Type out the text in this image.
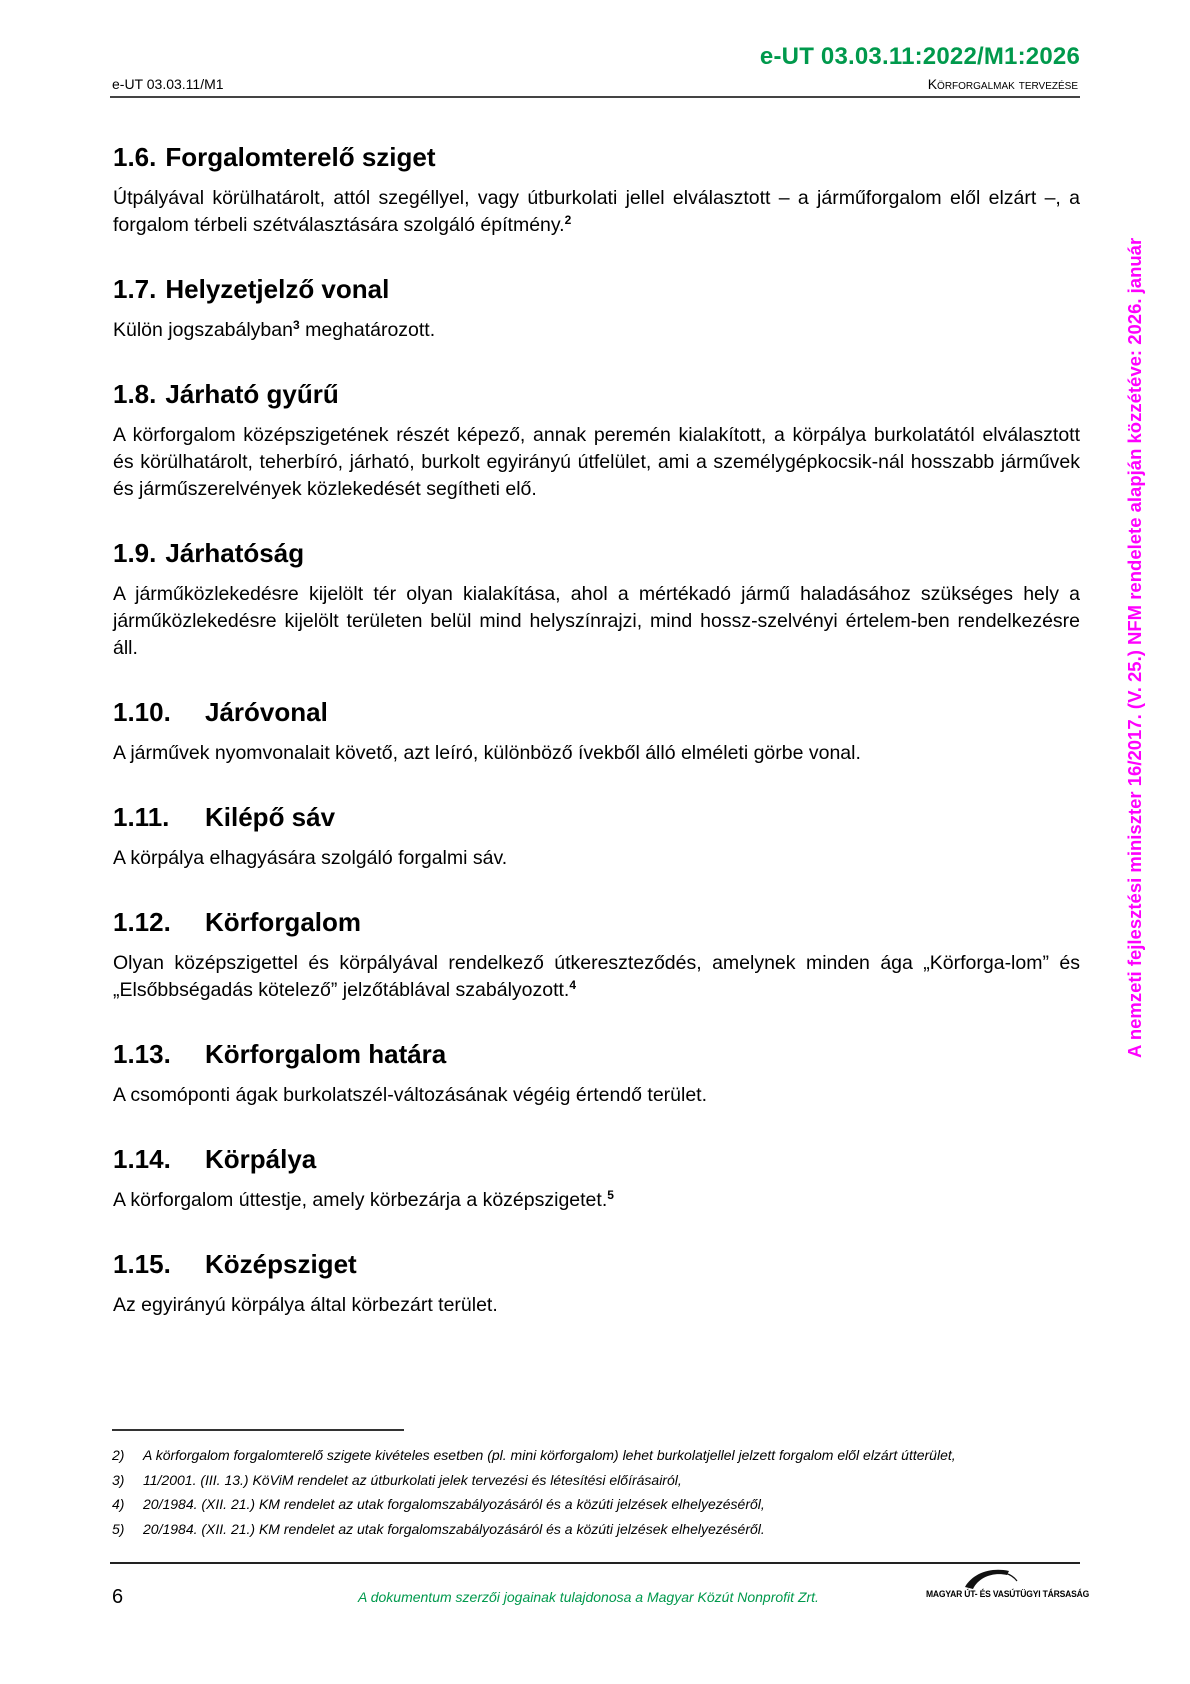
e-UT 03.03.11:2022/M1:2026
e-UT 03.03.11/M1	Körforgalmak tervezése
1.6. Forgalomterelő sziget

Útpályával körülhatárolt, attól szegéllyel, vagy útburkolati jellel elválasztott – a járműforgalom elől elzárt –, a forgalom térbeli szétválasztására szolgáló építmény.$^2$

1.7. Helyzetjelző vonal

Külön jogszabályban$^3$ meghatározott.

1.8. Járható gyűrű

A körforgalom középszigetének részét képező, annak peremén kialakított, a körpálya burkolatától elválasztott és körülhatárolt, teherbíró, járható, burkolt egyirányú útfelület, ami a személygépkocsik-nál hosszabb járművek és járműszerelvények közlekedését segítheti elő.

1.9. Járhatóság

A járműközlekedésre kijelölt tér olyan kialakítása, ahol a mértékadó jármű haladásához szükséges hely a járműközlekedésre kijelölt területen belül mind helyszínrajzi, mind hossz-szelvényi értelem-ben rendelkezésre áll.

1.10.	Járóvonal

A járművek nyomvonalait követő, azt leíró, különböző ívekből álló elméleti görbe vonal.

1.11.	Kilépő sáv

A körpálya elhagyására szolgáló forgalmi sáv.

1.12.	Körforgalom

Olyan középszigettel és körpályával rendelkező útkereszteződés, amelynek minden ága „Körforga-lom” és „Elsőbbségadás kötelező” jelzőtáblával szabályozott.$^4$

1.13.	Körforgalom határa

A csomóponti ágak burkolatszél-változásának végéig értendő terület.

1.14.	Körpálya

A körforgalom úttestje, amely körbezárja a középszigetet.$^5$

1.15.	Középsziget

Az egyirányú körpálya által körbezárt terület.

A nemzeti fejlesztési miniszter 16/2017. (V. 25.) NFM rendelete alapján közzétéve: 2026. január
2)	A körforgalom forgalomterelő szigete kivételes esetben (pl. mini körforgalom) lehet burkolatjellel jelzett forgalom elől elzárt útterület,
3)	11/2001. (III. 13.) KöViM rendelet az útburkolati jelek tervezési és létesítési előírásairól,
4)	20/1984. (XII. 21.) KM rendelet az utak forgalomszabályozásáról és a közúti jelzések elhelyezéséről,
5)	20/1984. (XII. 21.) KM rendelet az utak forgalomszabályozásáról és a közúti jelzések elhelyezéséről.
6	A dokumentum szerzői jogainak tulajdonosa a Magyar Közút Nonprofit Zrt.	MAGYAR ÚT- ÉS VASÚTÜGYI TÁRSASÁG
